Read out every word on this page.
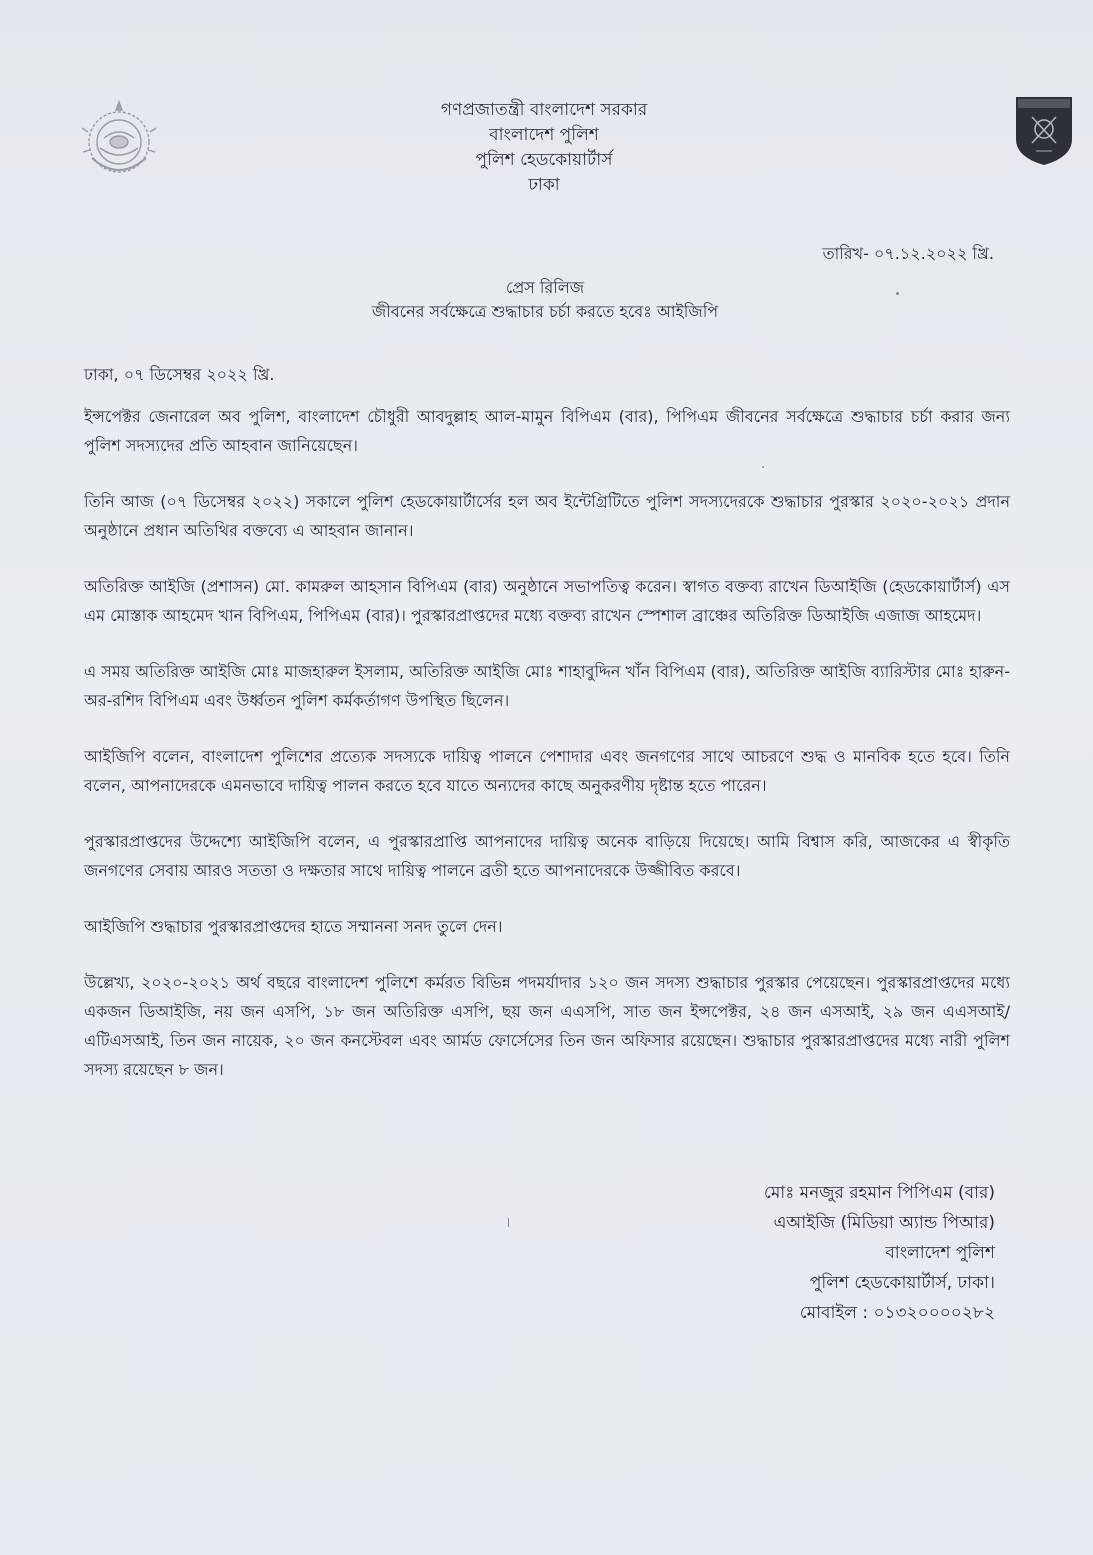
গণপ্রজাতন্ত্রী বাংলাদেশ সরকার
বাংলাদেশ পুলিশ
পুলিশ হেডকোয়ার্টার্স
ঢাকা
তারিখ- ০৭.১২.২০২২ খ্রি.
প্রেস রিলিজ
জীবনের সর্বক্ষেত্রে শুদ্ধাচার চর্চা করতে হবেঃ আইজিপি
ঢাকা, ০৭ ডিসেম্বর ২০২২ খ্রি.

ইন্সপেক্টর জেনারেল অব পুলিশ, বাংলাদেশ চৌধুরী আবদুল্লাহ আল-মামুন বিপিএম (বার), পিপিএম জীবনের সর্বক্ষেত্রে শুদ্ধাচার চর্চা করার জন্য পুলিশ সদস্যদের প্রতি আহবান জানিয়েছেন।

তিনি আজ (০৭ ডিসেম্বর ২০২২) সকালে পুলিশ হেডকোয়ার্টার্সের হল অব ইন্টেগ্রিটিতে পুলিশ সদস্যদেরকে শুদ্ধাচার পুরস্কার ২০২০-২০২১ প্রদান অনুষ্ঠানে প্রধান অতিথির বক্তব্যে এ আহবান জানান।

অতিরিক্ত আইজি (প্রশাসন) মো. কামরুল আহসান বিপিএম (বার) অনুষ্ঠানে সভাপতিত্ব করেন। স্বাগত বক্তব্য রাখেন ডিআইজি (হেডকোয়ার্টার্স) এস এম মোস্তাক আহমেদ খান বিপিএম, পিপিএম (বার)। পুরস্কারপ্রাপ্তদের মধ্যে বক্তব্য রাখেন স্পেশাল ব্রাঞ্চের অতিরিক্ত ডিআইজি এজাজ আহমেদ।

এ সময় অতিরিক্ত আইজি মোঃ মাজহারুল ইসলাম, অতিরিক্ত আইজি মোঃ শাহাবুদ্দিন খাঁন বিপিএম (বার), অতিরিক্ত আইজি ব্যারিস্টার মোঃ হারুন-অর-রশিদ বিপিএম এবং উর্ধ্বতন পুলিশ কর্মকর্তাগণ উপস্থিত ছিলেন।

আইজিপি বলেন, বাংলাদেশ পুলিশের প্রত্যেক সদস্যকে দায়িত্ব পালনে পেশাদার এবং জনগণের সাথে আচরণে শুদ্ধ ও মানবিক হতে হবে। তিনি বলেন, আপনাদেরকে এমনভাবে দায়িত্ব পালন করতে হবে যাতে অন্যদের কাছে অনুকরণীয় দৃষ্টান্ত হতে পারেন।

পুরস্কারপ্রাপ্তদের উদ্দেশ্যে আইজিপি বলেন, এ পুরস্কারপ্রাপ্তি আপনাদের দায়িত্ব অনেক বাড়িয়ে দিয়েছে। আমি বিশ্বাস করি, আজকের এ স্বীকৃতি জনগণের সেবায় আরও সততা ও দক্ষতার সাথে দায়িত্ব পালনে ব্রতী হতে আপনাদেরকে উজ্জীবিত করবে।

আইজিপি শুদ্ধাচার পুরস্কারপ্রাপ্তদের হাতে সম্মাননা সনদ তুলে দেন।

উল্লেখ্য, ২০২০-২০২১ অর্থ বছরে বাংলাদেশ পুলিশে কর্মরত বিভিন্ন পদমর্যাদার ১২০ জন সদস্য শুদ্ধাচার পুরস্কার পেয়েছেন। পুরস্কারপ্রাপ্তদের মধ্যে একজন ডিআইজি, নয় জন এসপি, ১৮ জন অতিরিক্ত এসপি, ছয় জন এএসপি, সাত জন ইন্সপেক্টর, ২৪ জন এসআই, ২৯ জন এএসআই/এটিএসআই, তিন জন নায়েক, ২০ জন কনস্টেবল এবং আর্মড ফোর্সেসের তিন জন অফিসার রয়েছেন। শুদ্ধাচার পুরস্কারপ্রাপ্তদের মধ্যে নারী পুলিশ সদস্য রয়েছেন ৮ জন।

মোঃ মনজুর রহমান পিপিএম (বার)
এআইজি (মিডিয়া অ্যান্ড পিআর)
বাংলাদেশ পুলিশ
পুলিশ হেডকোয়ার্টার্স, ঢাকা।
মোবাইল : ০১৩২০০০০২৮২
